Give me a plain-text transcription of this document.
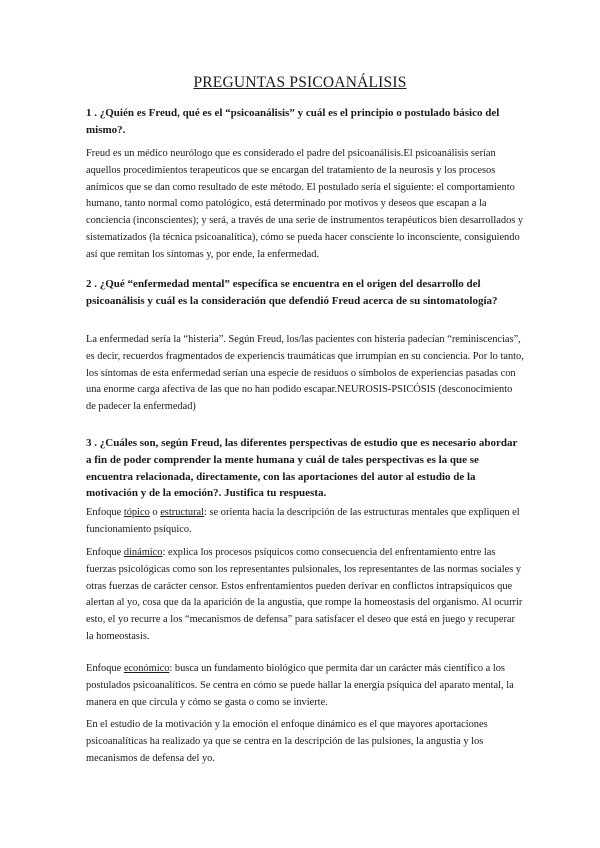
PREGUNTAS PSICOANÁLISIS

1 . ¿Quién es Freud, qué es el “psicoanálisis” y cuál es el principio o postulado básico del mismo?.

Freud es un médico neurólogo que es considerado el padre del psicoanálisis.El psicoanálisis serían aquellos procedimientos terapeuticos que se encargan del tratamiento de la neurosis y los procesos anímicos que se dan como resultado de este método. El postulado sería el siguiente: el comportamiento humano, tanto normal como patológico, está determinado por motivos y deseos que escapan a la conciencia (inconscientes); y será, a través de una serie de instrumentos terapéuticos bien desarrollados y sistematizados (la técnica psicoanalítica), cómo se pueda hacer consciente lo inconsciente, consiguiendo así que remitan los síntomas y, por ende, la enfermedad.

2 . ¿Qué “enfermedad mental” específica se encuentra en el origen del desarrollo del psicoanálisis y cuál es la consideración que defendió Freud acerca de su sintomatología?

La enfermedad sería la “histeria”. Según Freud, los/las pacientes con histeria padecían “reminiscencias”, es decir, recuerdos fragmentados de experiencis traumáticas que irrumpían en su conciencia. Por lo tanto, los síntomas de esta enfermedad serían una especie de residuos o símbolos de experiencias pasadas con una enorme carga afectiva de las que no han podido escapar.NEUROSIS-PSICÓSIS (desconocimiento de padecer la enfermedad)

3 . ¿Cuáles son, según Freud, las diferentes perspectivas de estudio que es necesario abordar a fin de poder comprender la mente humana y cuál de tales perspectivas es la que se encuentra relacionada, directamente, con las aportaciones del autor al estudio de la motivación y de la emoción?. Justifica tu respuesta.

Enfoque tópico o estructural: se orienta hacia la descripción de las estructuras mentales que expliquen el funcionamiento psíquico.

Enfoque dinámico: explica los procesos psíquicos como consecuencia del enfrentamiento entre las fuerzas psicológicas como son los representantes pulsionales, los representantes de las normas sociales y otras fuerzas de carácter censor. Estos enfrentamientos pueden derivar en conflictos intrapsíquicos que alertan al yo, cosa que da la aparición de la angustia, que rompe la homeostasis del organismo. Al ocurrir esto, el yo recurre a los “mecanismos de defensa” para satisfacer el deseo que está en juego y recuperar la homeostasis.

Enfoque económico: busca un fundamento biológico que permita dar un carácter más científico a los postulados psicoanalíticos. Se centra en cómo se puede hallar la energía psíquica del aparato mental, la manera en que circula y cómo se gasta o como se invierte.

En el estudio de la motivación y la emoción el enfoque dinámico es el que mayores aportaciones psicoanalíticas ha realizado ya que se centra en la descripción de las pulsiones, la angustia y los mecanismos de defensa del yo.
